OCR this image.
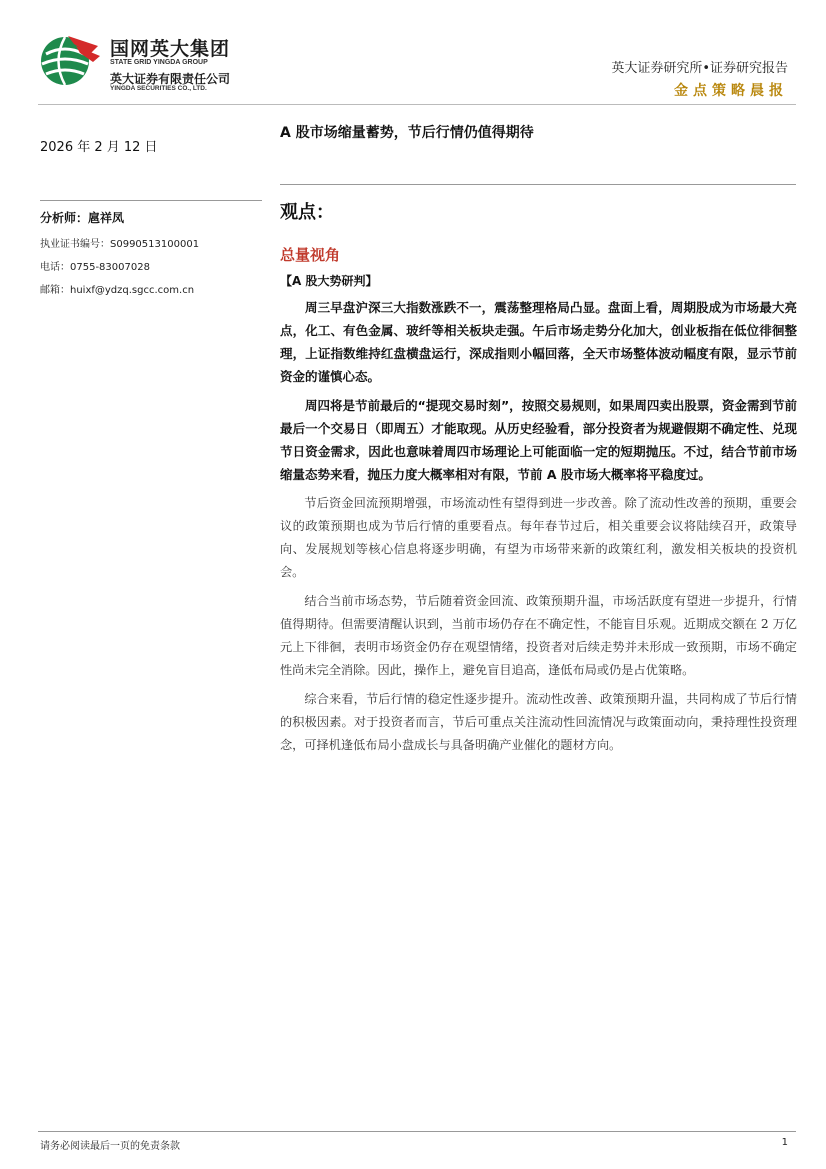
国网英大集团
STATE GRID YINGDA GROUP
英大证券有限责任公司
YINGDA SECURITIES CO., LTD.
英大证券研究所•证券研究报告
金点策略晨报
2026 年 2 月 12 日
A 股市场缩量蓄势，节后行情仍值得期待
分析师：扈祥凤
执业证书编号：S0990513100001
电话：0755-83007028
邮箱：huixf@ydzq.sgcc.com.cn
观点：
总量视角
【A 股大势研判】

周三早盘沪深三大指数涨跌不一，震荡整理格局凸显。盘面上看，周期股成为市场最大亮点，化工、有色金属、玻纤等相关板块走强。午后市场走势分化加大，创业板指在低位徘徊整理，上证指数维持红盘横盘运行，深成指则小幅回落，全天市场整体波动幅度有限，显示节前资金的谨慎心态。

周四将是节前最后的“提现交易时刻”，按照交易规则，如果周四卖出股票，资金需到节前最后一个交易日（即周五）才能取现。从历史经验看，部分投资者为规避假期不确定性、兑现节日资金需求，因此也意味着周四市场理论上可能面临一定的短期抛压。不过，结合节前市场缩量态势来看，抛压力度大概率相对有限，节前 A 股市场大概率将平稳度过。

节后资金回流预期增强，市场流动性有望得到进一步改善。除了流动性改善的预期，重要会议的政策预期也成为节后行情的重要看点。每年春节过后，相关重要会议将陆续召开，政策导向、发展规划等核心信息将逐步明确，有望为市场带来新的政策红利，激发相关板块的投资机会。

结合当前市场态势，节后随着资金回流、政策预期升温，市场活跃度有望进一步提升，行情值得期待。但需要清醒认识到，当前市场仍存在不确定性，不能盲目乐观。近期成交额在 2 万亿元上下徘徊，表明市场资金仍存在观望情绪，投资者对后续走势并未形成一致预期，市场不确定性尚未完全消除。因此，操作上，避免盲目追高，逢低布局或仍是占优策略。

综合来看，节后行情的稳定性逐步提升。流动性改善、政策预期升温，共同构成了节后行情的积极因素。对于投资者而言，节后可重点关注流动性回流情况与政策面动向，秉持理性投资理念，可择机逢低布局小盘成长与具备明确产业催化的题材方向。

请务必阅读最后一页的免责条款	1
